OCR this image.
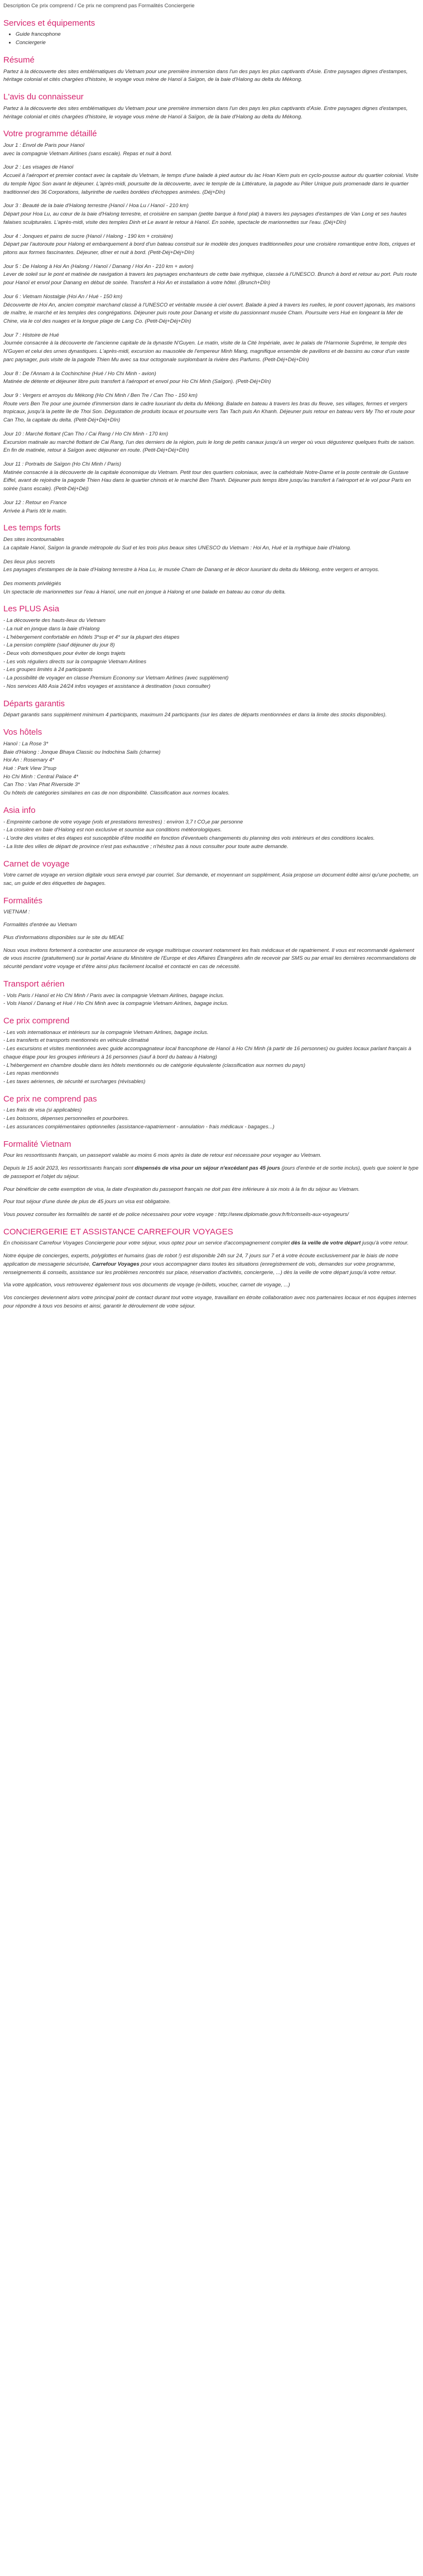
Description Ce prix comprend / Ce prix ne comprend pas Formalités Conciergerie
Services et équipements
• Guide francophone
• Conciergerie
Résumé

Partez à la découverte des sites emblématiques du Vietnam pour une première immersion dans l'un des pays les plus captivants d'Asie. Entre paysages dignes d'estampes, héritage colonial et cités chargées d'histoire, le voyage vous mène de Hanoï à Saïgon, de la baie d'Halong au delta du Mékong.

L'avis du connaisseur

Partez à la découverte des sites emblématiques du Vietnam pour une première immersion dans l'un des pays les plus captivants d'Asie. Entre paysages dignes d'estampes, héritage colonial et cités chargées d'histoire, le voyage vous mène de Hanoï à Saïgon, de la baie d'Halong au delta du Mékong.

Votre programme détaillé
Jour 1 : Envol de Paris pour Hanoï
avec la compagnie Vietnam Airlines (sans escale). Repas et nuit à bord.
Jour 2 : Les visages de Hanoï
Accueil à l'aéroport et premier contact avec la capitale du Vietnam, le temps d'une balade à pied autour du lac Hoan Kiem puis en cyclo-pousse autour du quartier colonial. Visite du temple Ngoc Son avant le déjeuner. L'après-midi, poursuite de la découverte, avec le temple de la Littérature, la pagode au Pilier Unique puis promenade dans le quartier traditionnel des 36 Corporations, labyrinthe de ruelles bordées d'échoppes animées. (Déj+Dîn)
Jour 3 : Beauté de la baie d'Halong terrestre (Hanoï / Hoa Lu / Hanoï - 210 km)
Départ pour Hoa Lu, au cœur de la baie d'Halong terrestre, et croisière en sampan (petite barque à fond plat) à travers les paysages d'estampes de Van Long et ses hautes falaises sculpturales. L'après-midi, visite des temples Dinh et Le avant le retour à Hanoï. En soirée, spectacle de marionnettes sur l'eau. (Déj+Dîn)
Jour 4 : Jonques et pains de sucre (Hanoï / Halong - 190 km + croisière)
Départ par l'autoroute pour Halong et embarquement à bord d'un bateau construit sur le modèle des jonques traditionnelles pour une croisière romantique entre îlots, criques et pitons aux formes fascinantes. Déjeuner, dîner et nuit à bord. (Petit-Déj+Déj+Dîn)
Jour 5 : De Halong à Hoi An (Halong / Hanoï / Danang / Hoi An - 210 km + avion)
Lever de soleil sur le pont et matinée de navigation à travers les paysages enchanteurs de cette baie mythique, classée à l'UNESCO. Brunch à bord et retour au port. Puis route pour Hanoï et envol pour Danang en début de soirée. Transfert à Hoi An et installation à votre hôtel. (Brunch+Dîn)
Jour 6 : Vietnam Nostalgie (Hoi An / Hué - 150 km)
Découverte de Hoi An, ancien comptoir marchand classé à l'UNESCO et véritable musée à ciel ouvert. Balade à pied à travers les ruelles, le pont couvert japonais, les maisons de maître, le marché et les temples des congrégations. Déjeuner puis route pour Danang et visite du passionnant musée Cham. Poursuite vers Hué en longeant la Mer de Chine, via le col des nuages et la longue plage de Lang Co. (Petit-Déj+Déj+Dîn)
Jour 7 : Histoire de Hué
Journée consacrée à la découverte de l'ancienne capitale de la dynastie N'Guyen. Le matin, visite de la Cité Impériale, avec le palais de l'Harmonie Suprême, le temple des N'Guyen et celui des urnes dynastiques. L'après-midi, excursion au mausolée de l'empereur Minh Mang, magnifique ensemble de pavillons et de bassins au cœur d'un vaste parc paysager, puis visite de la pagode Thien Mu avec sa tour octogonale surplombant la rivière des Parfums. (Petit-Déj+Déj+Dîn)
Jour 8 : De l'Annam à la Cochinchine (Hué / Ho Chi Minh - avion)
Matinée de détente et déjeuner libre puis transfert à l'aéroport et envol pour Ho Chi Minh (Saïgon). (Petit-Déj+Dîn)
Jour 9 : Vergers et arroyos du Mékong (Ho Chi Minh / Ben Tre / Can Tho - 150 km)
Route vers Ben Tre pour une journée d'immersion dans le cadre luxuriant du delta du Mékong. Balade en bateau à travers les bras du fleuve, ses villages, fermes et vergers tropicaux, jusqu'à la petite île de Thoi Son. Dégustation de produits locaux et poursuite vers Tan Tach puis An Khanh. Déjeuner puis retour en bateau vers My Tho et route pour Can Tho, la capitale du delta. (Petit-Déj+Déj+Dîn)
Jour 10 : Marché flottant (Can Tho / Cai Rang / Ho Chi Minh - 170 km)
Excursion matinale au marché flottant de Cai Rang, l'un des derniers de la région, puis le long de petits canaux jusqu'à un verger où vous dégusterez quelques fruits de saison. En fin de matinée, retour à Saïgon avec déjeuner en route. (Petit-Déj+Déj+Dîn)
Jour 11 : Portraits de Saïgon (Ho Chi Minh / Paris)
Matinée consacrée à la découverte de la capitale économique du Vietnam. Petit tour des quartiers coloniaux, avec la cathédrale Notre-Dame et la poste centrale de Gustave Eiffel, avant de rejoindre la pagode Thien Hau dans le quartier chinois et le marché Ben Thanh. Déjeuner puis temps libre jusqu'au transfert à l'aéroport et le vol pour Paris en soirée (sans escale). (Petit-Déj+Déj)
Jour 12 : Retour en France
Arrivée à Paris tôt le matin.
Les temps forts
Des sites incontournables
La capitale Hanoï, Saïgon la grande métropole du Sud et les trois plus beaux sites UNESCO du Vietnam : Hoi An, Hué et la mythique baie d'Halong.
Des lieux plus secrets
Les paysages d'estampes de la baie d'Halong terrestre à Hoa Lu, le musée Cham de Danang et le décor luxuriant du delta du Mékong, entre vergers et arroyos.
Des moments privilégiés
Un spectacle de marionnettes sur l'eau à Hanoï, une nuit en jonque à Halong et une balade en bateau au cœur du delta.
Les PLUS Asia
- La découverte des hauts-lieux du Vietnam
- La nuit en jonque dans la baie d'Halong
- L'hébergement confortable en hôtels 3*sup et 4* sur la plupart des étapes
- La pension complète (sauf déjeuner du jour 8)
- Deux vols domestiques pour éviter de longs trajets
- Les vols réguliers directs sur la compagnie Vietnam Airlines
- Les groupes limités à 24 participants
- La possibilité de voyager en classe Premium Economy sur Vietnam Airlines (avec supplément)
- Nos services Allô Asia 24/24 infos voyages et assistance à destination (sous consulter)
Départs garantis

Départ garantis sans supplément minimum 4 participants, maximum 24 participants (sur les dates de départs mentionnées et dans la limite des stocks disponibles).

Vos hôtels
Hanoï : La Rose 3*
Baie d'Halong : Jonque Bhaya Classic ou Indochina Sails (charme)
Hoi An : Rosemary 4*
Hué : Park View 3*sup
Ho Chi Minh : Central Palace 4*
Can Tho : Van Phat Riverside 3*
Ou hôtels de catégories similaires en cas de non disponibilité. Classification aux normes locales.
Asia info
- Empreinte carbone de votre voyage (vols et prestations terrestres) : environ 3,7 t CO₂e par personne
- La croisière en baie d'Halong est non exclusive et soumise aux conditions météorologiques.
- L'ordre des visites et des étapes est susceptible d'être modifié en fonction d'éventuels changements du planning des vols intérieurs et des conditions locales.
- La liste des villes de départ de province n'est pas exhaustive ; n'hésitez pas à nous consulter pour toute autre demande.
Carnet de voyage

Votre carnet de voyage en version digitale vous sera envoyé par courriel. Sur demande, et moyennant un supplément, Asia propose un document édité ainsi qu'une pochette, un sac, un guide et des étiquettes de bagages.

Formalités
VIETNAM :
Formalités d'entrée au Vietnam
Plus d'informations disponibles sur le site du MEAE

Nous vous invitons fortement à contracter une assurance de voyage multirisque couvrant notamment les frais médicaux et de rapatriement. Il vous est recommandé également de vous inscrire (gratuitement) sur le portail Ariane du Ministère de l'Europe et des Affaires Étrangères afin de recevoir par SMS ou par email les dernières recommandations de sécurité pendant votre voyage et d'être ainsi plus facilement localisé et contacté en cas de nécessité.

Transport aérien
- Vols Paris / Hanoï et Ho Chi Minh / Paris avec la compagnie Vietnam Airlines, bagage inclus.
- Vols Hanoï / Danang et Hué / Ho Chi Minh avec la compagnie Vietnam Airlines, bagage inclus.
Ce prix comprend
- Les vols internationaux et intérieurs sur la compagnie Vietnam Airlines, bagage inclus.
- Les transferts et transports mentionnés en véhicule climatisé
- Les excursions et visites mentionnées avec guide accompagnateur local francophone de Hanoï à Ho Chi Minh (à partir de 16 personnes) ou guides locaux parlant français à chaque étape pour les groupes inférieurs à 16 personnes (sauf à bord du bateau à Halong)
- L'hébergement en chambre double dans les hôtels mentionnés ou de catégorie équivalente (classification aux normes du pays)
- Les repas mentionnés
- Les taxes aériennes, de sécurité et surcharges (révisables)
Ce prix ne comprend pas
- Les frais de visa (si applicables)
- Les boissons, dépenses personnelles et pourboires.
- Les assurances complémentaires optionnelles (assistance-rapatriement - annulation - frais médicaux - bagages...)
Formalité Vietnam

Pour les ressortissants français, un passeport valable au moins 6 mois après la date de retour est nécessaire pour voyager au Vietnam.

Depuis le 15 août 2023, les ressortissants français sont dispensés de visa pour un séjour n'excédant pas 45 jours (jours d'entrée et de sortie inclus), quels que soient le type de passeport et l'objet du séjour.

Pour bénéficier de cette exemption de visa, la date d'expiration du passeport français ne doit pas être inférieure à six mois à la fin du séjour au Vietnam.

Pour tout séjour d'une durée de plus de 45 jours un visa est obligatoire.

Vous pouvez consulter les formalités de santé et de police nécessaires pour votre voyage : http://www.diplomatie.gouv.fr/fr/conseils-aux-voyageurs/

CONCIERGERIE ET ASSISTANCE CARREFOUR VOYAGES

En choisissant Carrefour Voyages Conciergerie pour votre séjour, vous optez pour un service d'accompagnement complet dès la veille de votre départ jusqu'à votre retour.

Notre équipe de concierges, experts, polyglottes et humains (pas de robot !) est disponible 24h sur 24, 7 jours sur 7 et à votre écoute exclusivement par le biais de notre application de messagerie sécurisée, Carrefour Voyages pour vous accompagner dans toutes les situations (enregistrement de vols, demandes sur votre programme, renseignements & conseils, assistance sur les problèmes rencontrés sur place, réservation d'activités, conciergerie, ...) dès la veille de votre départ jusqu'à votre retour.

Via votre application, vous retrouverez également tous vos documents de voyage (e-billets, voucher, carnet de voyage, ...)

Vos concierges deviennent alors votre principal point de contact durant tout votre voyage, travaillant en étroite collaboration avec nos partenaires locaux et nos équipes internes pour répondre à tous vos besoins et ainsi, garantir le déroulement de votre séjour.
